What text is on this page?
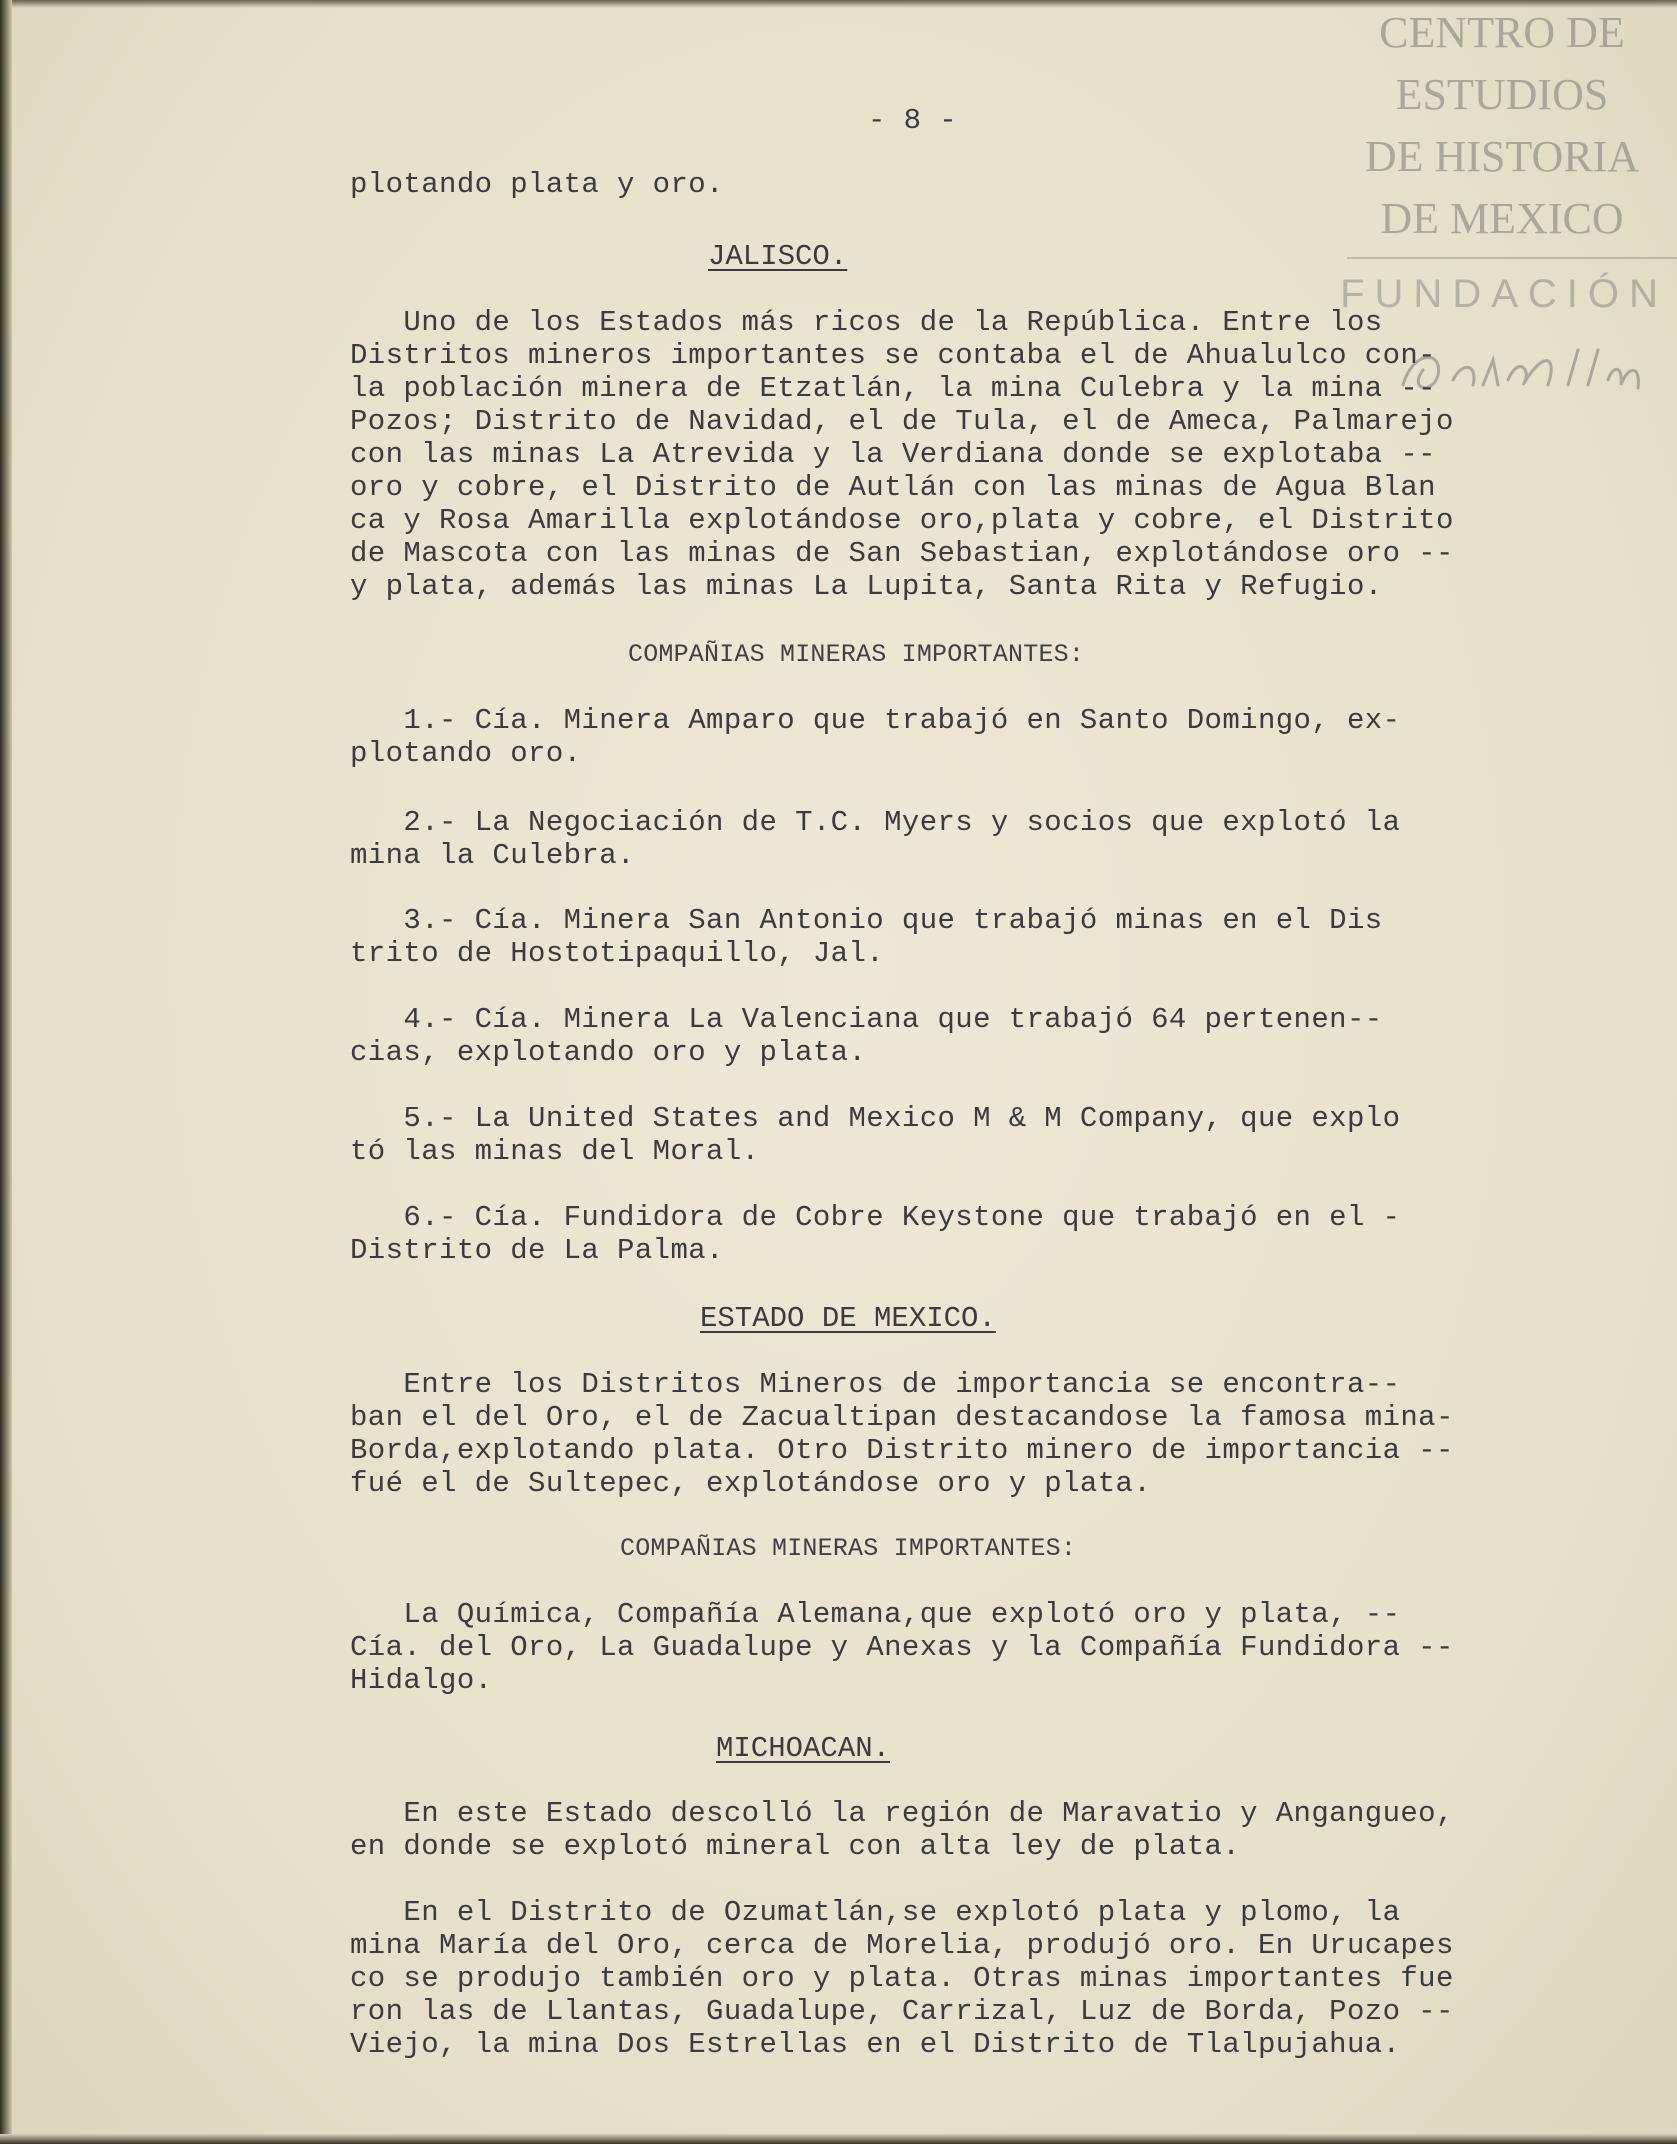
CENTRO DE
ESTUDIOS
DE HISTORIA
DE MEXICO
FUNDACIÓN
- 8 -
plotando plata y oro.
JALISCO.
Uno de los Estados más ricos de la República. Entre los
Distritos mineros importantes se contaba el de Ahualulco con-
la población minera de Etzatlán, la mina Culebra y la mina --
Pozos; Distrito de Navidad, el de Tula, el de Ameca, Palmarejo
con las minas La Atrevida y la Verdiana donde se explotaba --
oro y cobre, el Distrito de Autlán con las minas de Agua Blan
ca y Rosa Amarilla explotándose oro,plata y cobre, el Distrito
de Mascota con las minas de San Sebastian, explotándose oro --
y plata, además las minas La Lupita, Santa Rita y Refugio.
COMPAÑIAS MINERAS IMPORTANTES:
1.- Cía. Minera Amparo que trabajó en Santo Domingo, ex-
plotando oro.
2.- La Negociación de T.C. Myers y socios que explotó la
mina la Culebra.
3.- Cía. Minera San Antonio que trabajó minas en el Dis
trito de Hostotipaquillo, Jal.
4.- Cía. Minera La Valenciana que trabajó 64 pertenen--
cias, explotando oro y plata.
5.- La United States and Mexico M & M Company, que explo
tó las minas del Moral.
6.- Cía. Fundidora de Cobre Keystone que trabajó en el -
Distrito de La Palma.
ESTADO DE MEXICO.
Entre los Distritos Mineros de importancia se encontra--
ban el del Oro, el de Zacualtipan destacandose la famosa mina-
Borda,explotando plata. Otro Distrito minero de importancia --
fué el de Sultepec, explotándose oro y plata.
COMPAÑIAS MINERAS IMPORTANTES:
La Química, Compañía Alemana,que explotó oro y plata, --
Cía. del Oro, La Guadalupe y Anexas y la Compañía Fundidora --
Hidalgo.
MICHOACAN.
En este Estado descolló la región de Maravatio y Angangueo,
en donde se explotó mineral con alta ley de plata.
En el Distrito de Ozumatlán,se explotó plata y plomo, la
mina María del Oro, cerca de Morelia, produjó oro. En Urucapes
co se produjo también oro y plata. Otras minas importantes fue
ron las de Llantas, Guadalupe, Carrizal, Luz de Borda, Pozo --
Viejo, la mina Dos Estrellas en el Distrito de Tlalpujahua.
